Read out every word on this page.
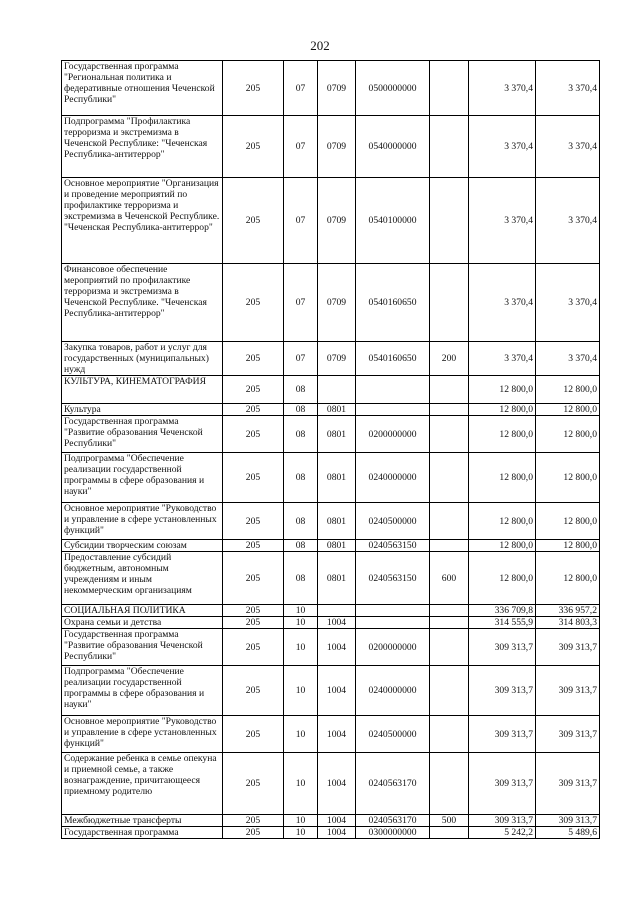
202
Государственная программа "Региональная политика и федеративные отношения Чеченской Республики"	205	07	0709	0500000000		3 370,4	3 370,4
Подпрограмма "Профилактика терроризма и экстремизма в Чеченской Республике: "Чеченская Республика-антитеррор"	205	07	0709	0540000000		3 370,4	3 370,4
Основное мероприятие "Организация и проведение мероприятий по профилактике терроризма и экстремизма в Чеченской Республике. "Чеченская Республика-антитеррор"	205	07	0709	0540100000		3 370,4	3 370,4
Финансовое обеспечение мероприятий по профилактике терроризма и экстремизма в Чеченской Республике. "Чеченская Республика-антитеррор"	205	07	0709	0540160650		3 370,4	3 370,4
Закупка товаров, работ и услуг для государственных (муниципальных) нужд	205	07	0709	0540160650	200	3 370,4	3 370,4
КУЛЬТУРА, КИНЕМАТОГРАФИЯ	205	08				12 800,0	12 800,0
Культура	205	08	0801			12 800,0	12 800,0
Государственная программа "Развитие образования Чеченской Республики"	205	08	0801	0200000000		12 800,0	12 800,0
Подпрограмма "Обеспечение реализации государственной программы в сфере образования и науки"	205	08	0801	0240000000		12 800,0	12 800,0
Основное мероприятие "Руководство и управление в сфере установленных функций"	205	08	0801	0240500000		12 800,0	12 800,0
Субсидии творческим союзам	205	08	0801	0240563150		12 800,0	12 800,0
Предоставление субсидий бюджетным, автономным учреждениям и иным некоммерческим организациям	205	08	0801	0240563150	600	12 800,0	12 800,0
СОЦИАЛЬНАЯ ПОЛИТИКА	205	10				336 709,8	336 957,2
Охрана семьи и детства	205	10	1004			314 555,9	314 803,3
Государственная программа "Развитие образования Чеченской Республики"	205	10	1004	0200000000		309 313,7	309 313,7
Подпрограмма "Обеспечение реализации государственной программы в сфере образования и науки"	205	10	1004	0240000000		309 313,7	309 313,7
Основное мероприятие "Руководство и управление в сфере установленных функций"	205	10	1004	0240500000		309 313,7	309 313,7
Содержание ребенка в семье опекуна и приемной семье, а также вознаграждение, причитающееся приемному родителю	205	10	1004	0240563170		309 313,7	309 313,7
Межбюджетные трансферты	205	10	1004	0240563170	500	309 313,7	309 313,7
Государственная программа	205	10	1004	0300000000		5 242,2	5 489,6
